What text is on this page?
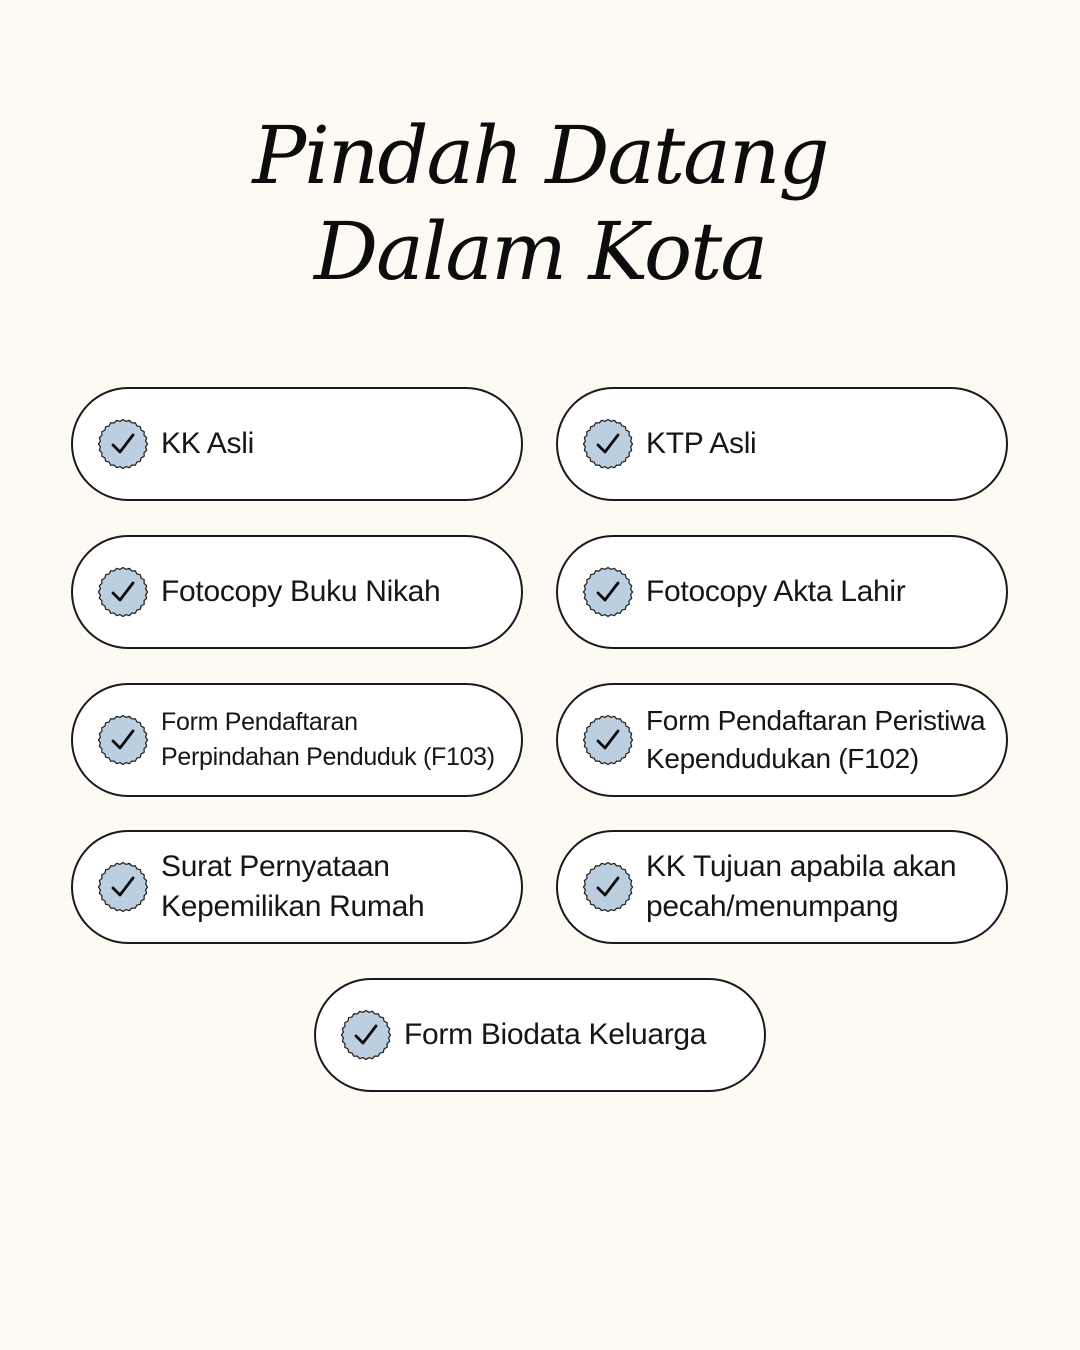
Pindah Datang
Dalam Kota
KK Asli	KTP Asli
Fotocopy Buku Nikah	Fotocopy Akta Lahir
Form Pendaftaran
Perpindahan Penduduk (F103)
Form Pendaftaran Peristiwa
Kependudukan (F102)
Surat Pernyataan
Kepemilikan Rumah
KK Tujuan apabila akan
pecah/menumpang
Form Biodata Keluarga
